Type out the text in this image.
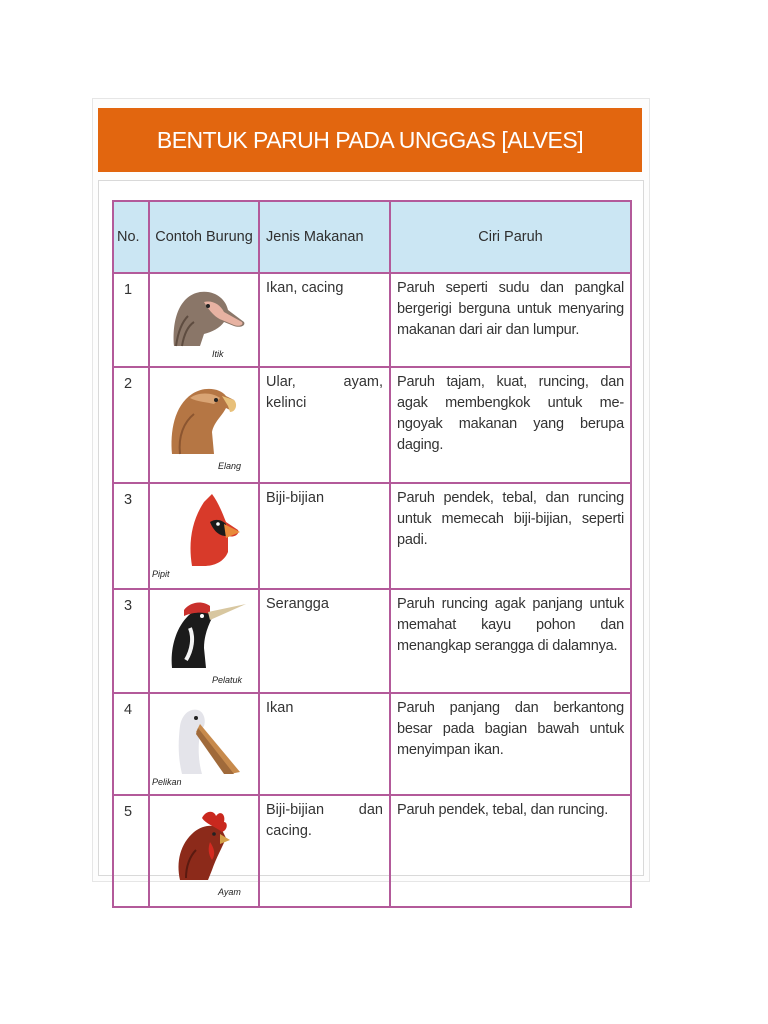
BENTUK PARUH PADA UNGGAS [ALVES]
No.	Contoh Burung	Jenis Makanan	Ciri Paruh
1	Itik	Ikan, cacing	Paruh seperti sudu dan pangkal bergerigi berguna untuk menyaring makanan dari air dan lumpur.
2	Elang	Ular, ayam, kelinci	Paruh tajam, kuat, runcing, dan agak membengkok untuk me-ngoyak makanan yang berupa daging.
3	Pipit	Biji-bijian	Paruh pendek, tebal, dan runcing untuk memecah biji-bijian, seperti padi.
3	Pelatuk	Serangga	Paruh runcing agak panjang untuk memahat kayu pohon dan menangkap serangga di dalamnya.
4	Pelikan	Ikan	Paruh panjang dan berkantong besar pada bagian bawah untuk menyimpan ikan.
5	Ayam	Biji-bijian dan cacing.	Paruh pendek, tebal, dan runcing.
